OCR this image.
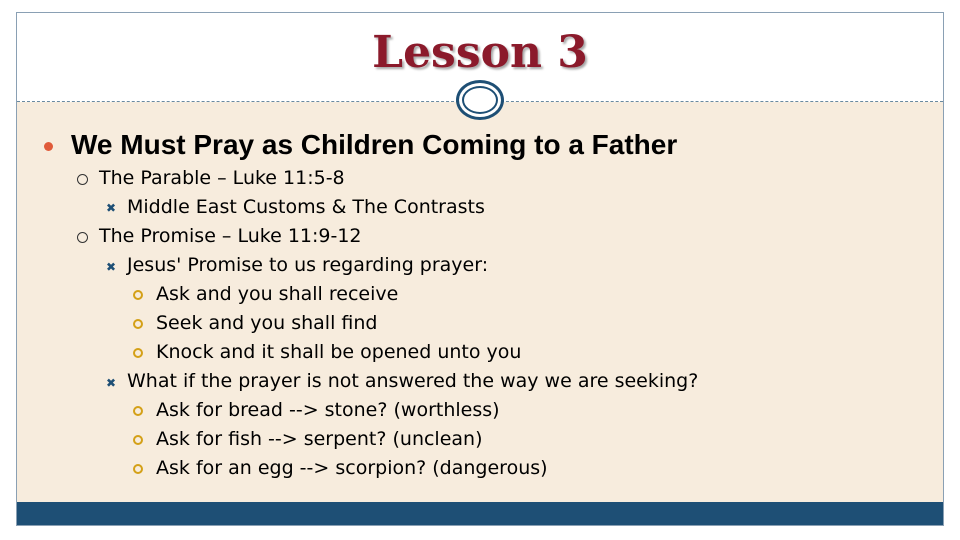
Lesson 3
We Must Pray as Children Coming to a Father
The Parable – Luke 11:5-8
✖ Middle East Customs & The Contrasts
The Promise – Luke 11:9-12
✖ Jesus' Promise to us regarding prayer:
Ask and you shall receive
Seek and you shall find
Knock and it shall be opened unto you
✖ What if the prayer is not answered the way we are seeking?
Ask for bread --> stone? (worthless)
Ask for fish --> serpent? (unclean)
Ask for an egg --> scorpion? (dangerous)
